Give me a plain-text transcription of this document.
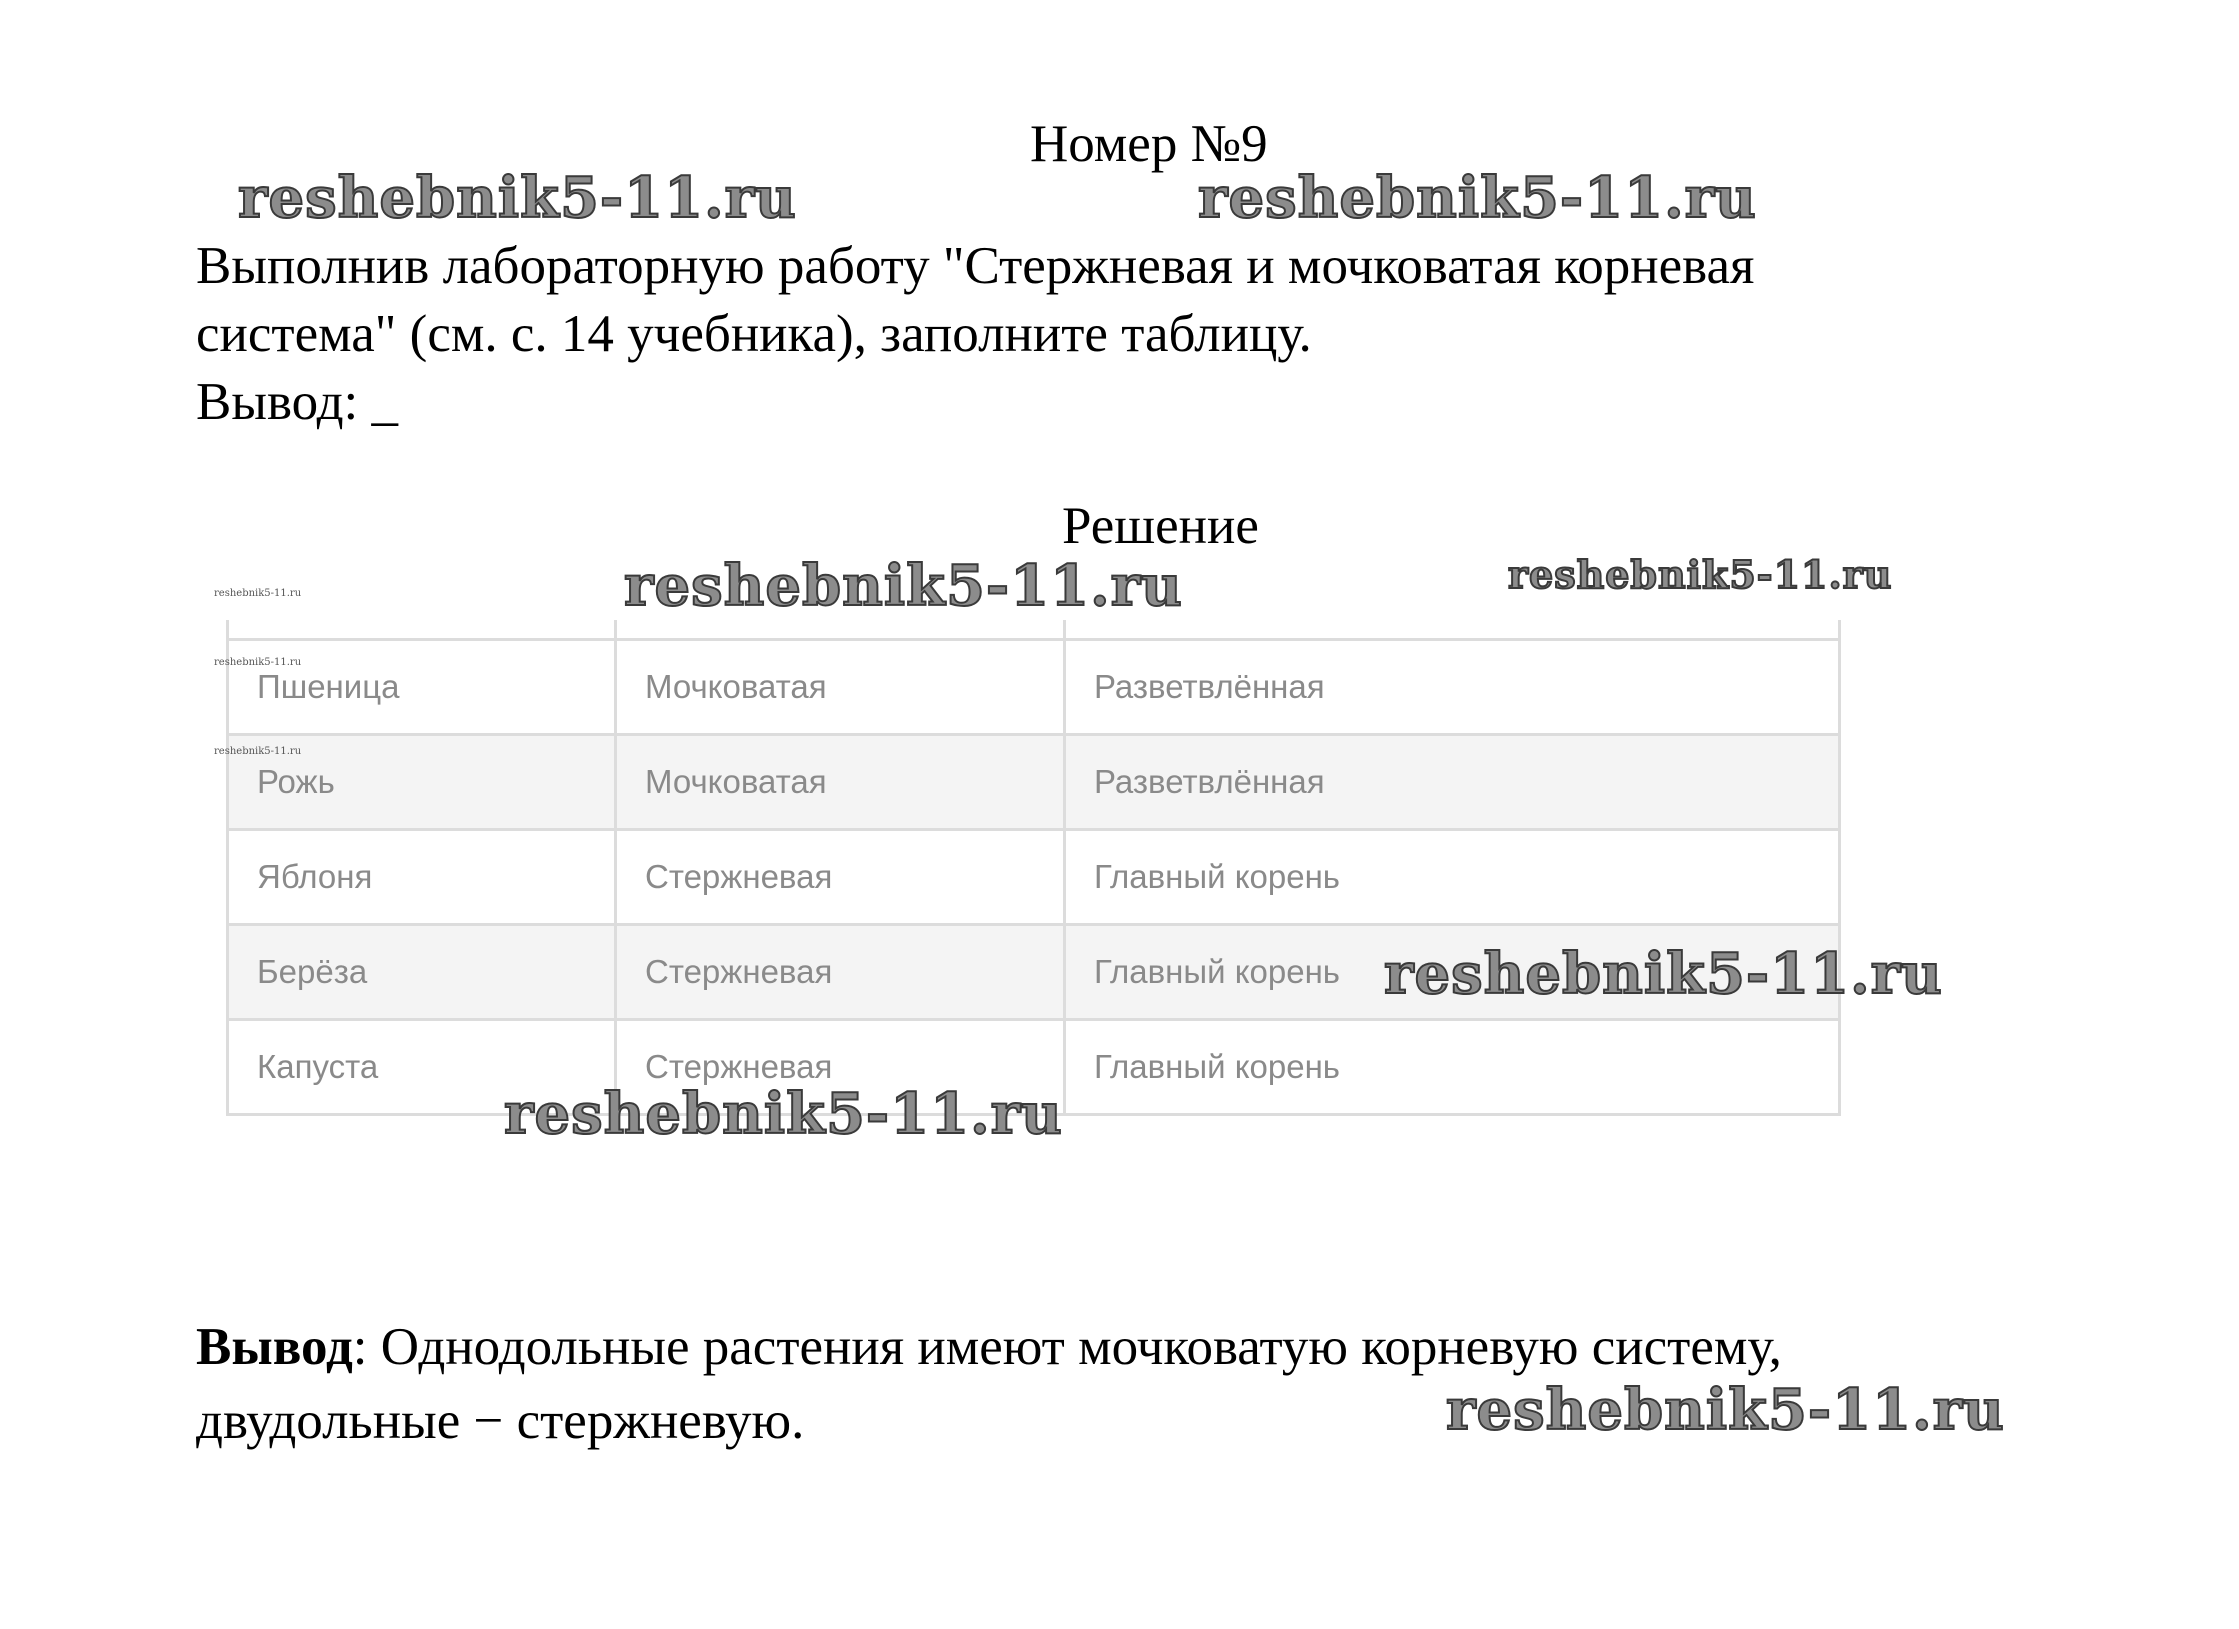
Номер №9

Выполнив лабораторную работу "Стержневая и мочковатая корневая

система" (см. с. 14 учебника), заполните таблицу.

Вывод: _

Решение

Пшеница	Мочковатая	Разветвлённая
Рожь	Мочковатая	Разветвлённая
Яблоня	Стержневая	Главный корень
Берёза	Стержневая	Главный корень
Капуста	Стержневая	Главный корень

Вывод: Однодольные растения имеют мочковатую корневую систему,

двудольные − стержневую.

reshebnik5-11.ru	reshebnik5-11.ru
reshebnik5-11.ru	reshebnik5-11.ru
reshebnik5-11.ru
reshebnik5-11.ru
reshebnik5-11.ru
reshebnik5-11.ru
reshebnik5-11.ru
reshebnik5-11.ru
